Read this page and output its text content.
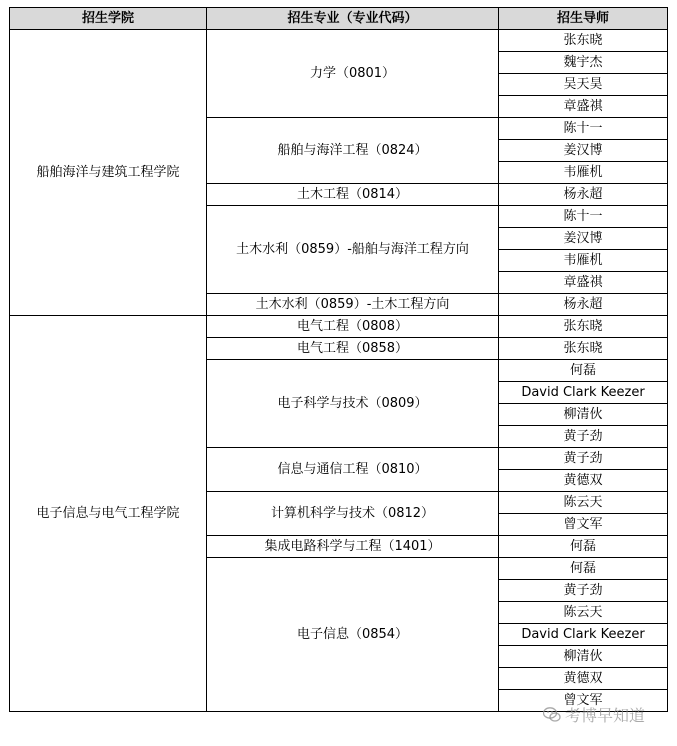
招生学院	招生专业（专业代码）	招生导师
船舶海洋与建筑工程学院	力学（0801）	张东晓
		魏宇杰
		吴天昊
		章盛祺
	船舶与海洋工程（0824）	陈十一
		姜汉博
		韦雁机
	土木工程（0814）	杨永超
	土木水利（0859）-船舶与海洋工程方向	陈十一
		姜汉博
		韦雁机
		章盛祺
	土木水利（0859）-土木工程方向	杨永超
电子信息与电气工程学院	电气工程（0808）	张东晓
	电气工程（0858）	张东晓
	电子科学与技术（0809）	何磊
		David Clark Keezer
		柳清伙
		黄子劲
	信息与通信工程（0810）	黄子劲
		黄德双
	计算机科学与技术（0812）	陈云天
		曾文军
	集成电路科学与工程（1401）	何磊
	电子信息（0854）	何磊
		黄子劲
		陈云天
		David Clark Keezer
		柳清伙
		黄德双
		曾文军
考博早知道
